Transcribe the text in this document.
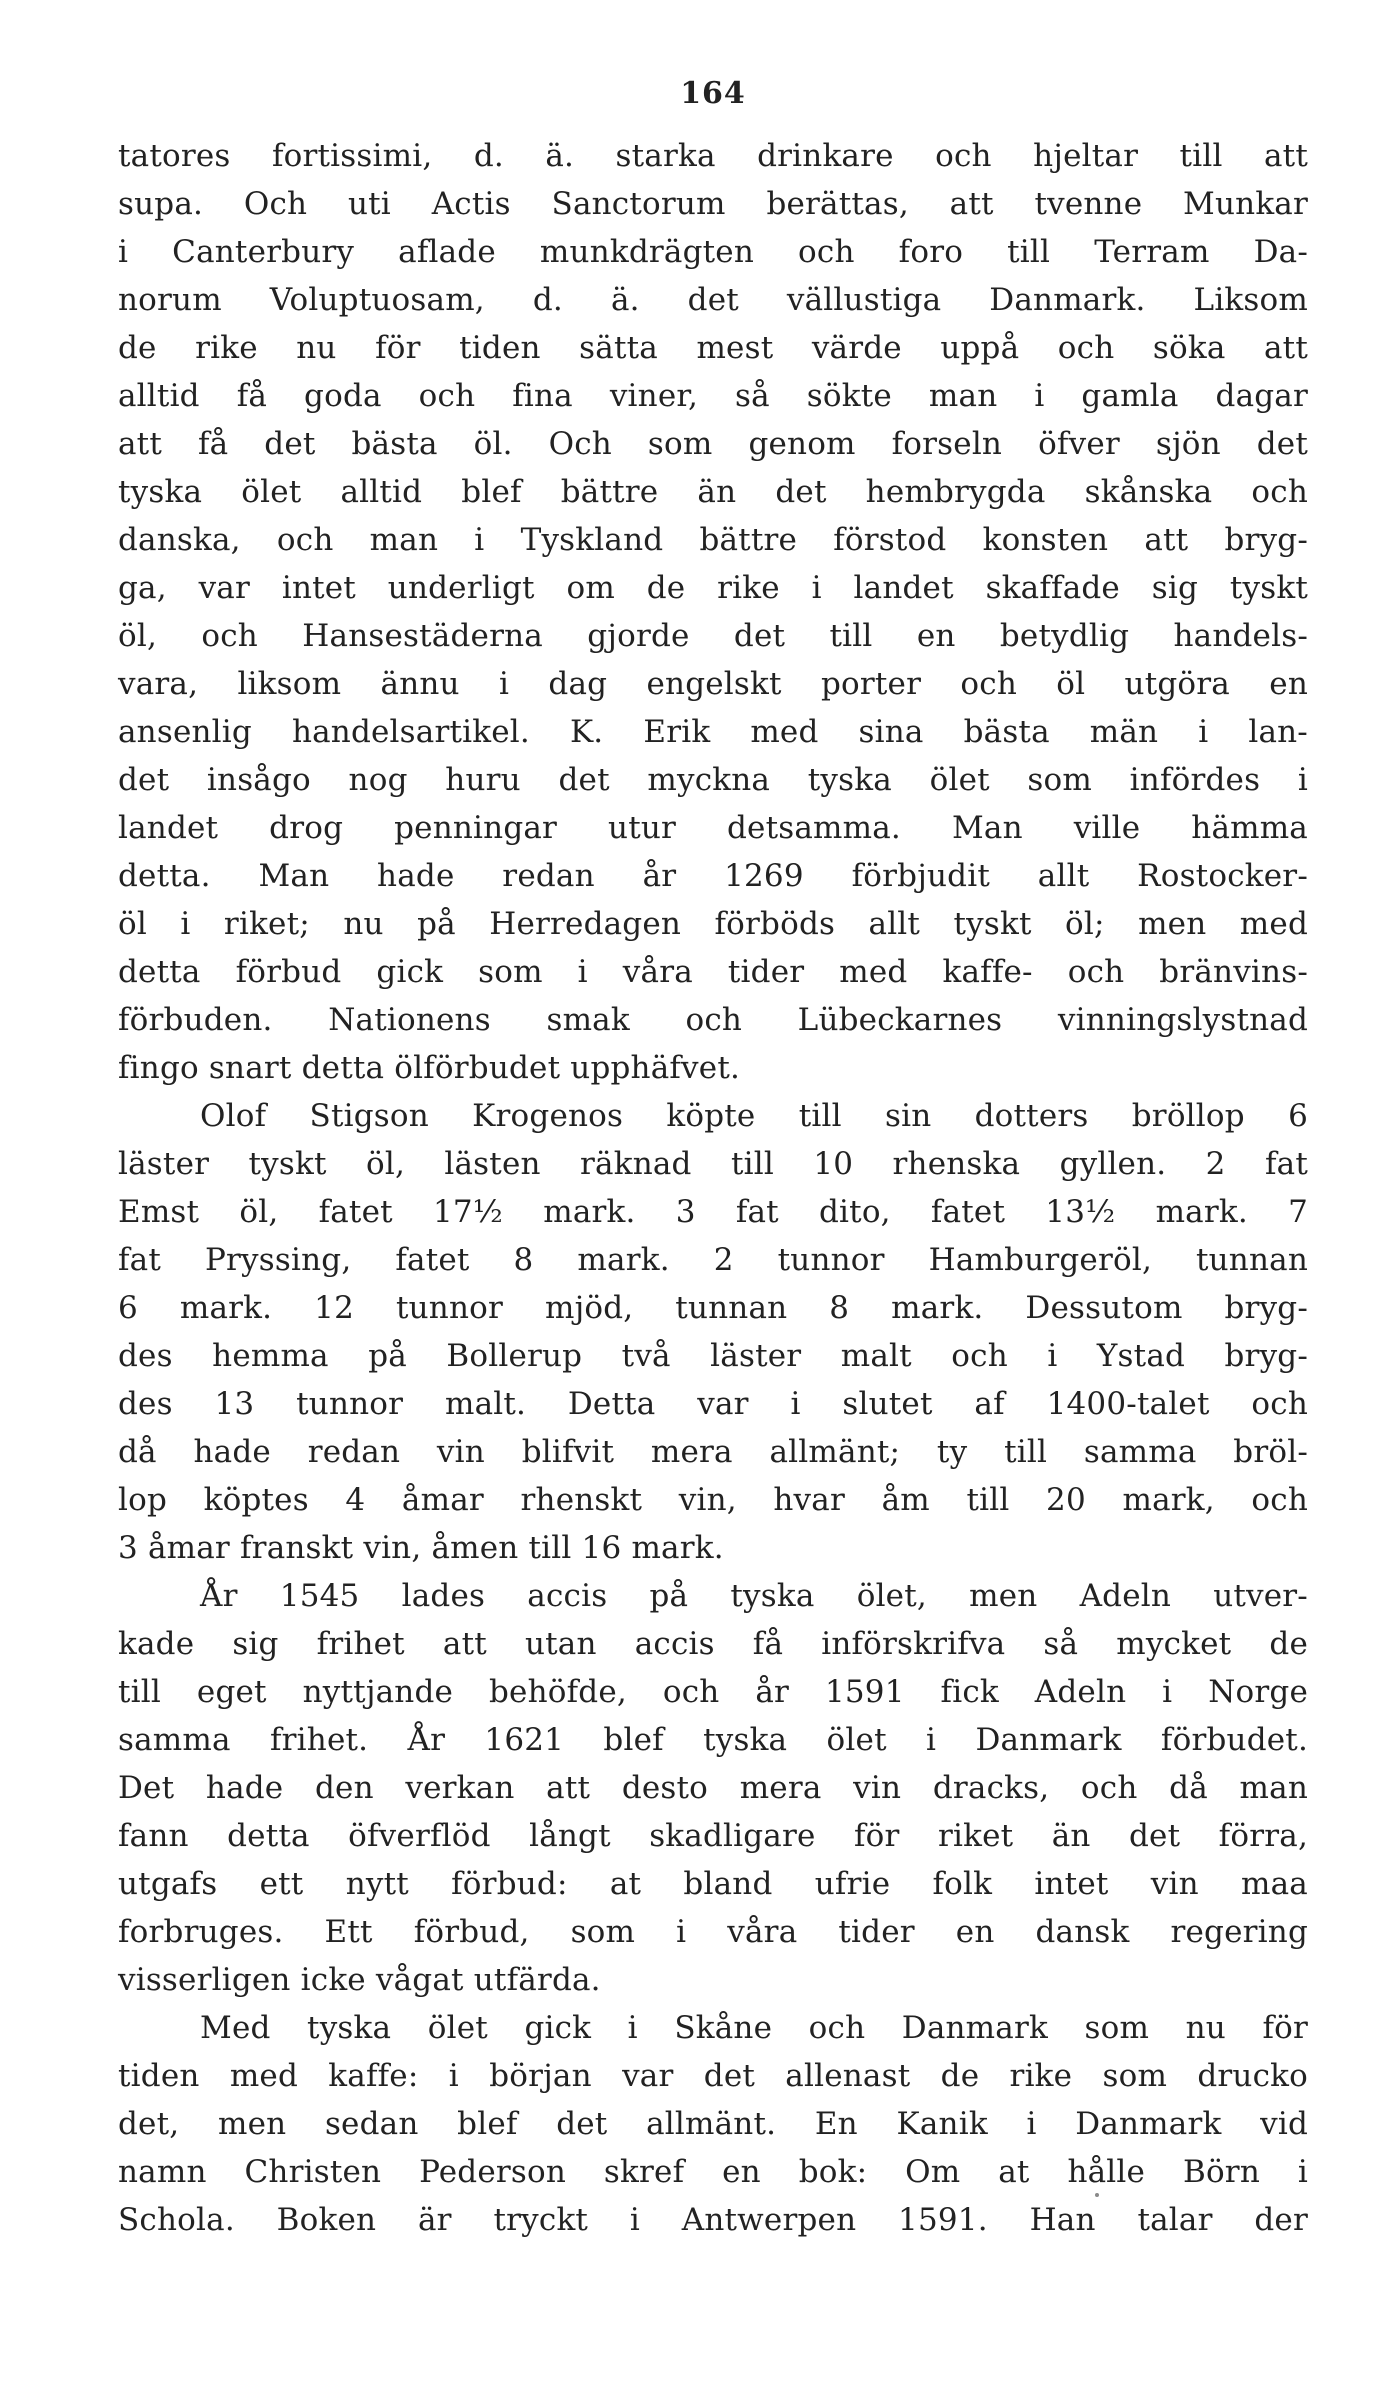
164
tatores fortissimi, d. ä. starka drinkare och hjeltar till att
supa. Och uti Actis Sanctorum berättas, att tvenne Munkar
i Canterbury aflade munkdrägten och foro till Terram Da-
norum Voluptuosam, d. ä. det vällustiga Danmark. Liksom
de rike nu för tiden sätta mest värde uppå och söka att
alltid få goda och fina viner, så sökte man i gamla dagar
att få det bästa öl. Och som genom forseln öfver sjön det
tyska ölet alltid blef bättre än det hembrygda skånska och
danska, och man i Tyskland bättre förstod konsten att bryg-
ga, var intet underligt om de rike i landet skaffade sig tyskt
öl, och Hansestäderna gjorde det till en betydlig handels-
vara, liksom ännu i dag engelskt porter och öl utgöra en
ansenlig handelsartikel. K. Erik med sina bästa män i lan-
det insågo nog huru det myckna tyska ölet som infördes i
landet drog penningar utur detsamma. Man ville hämma
detta. Man hade redan år 1269 förbjudit allt Rostocker-
öl i riket; nu på Herredagen förböds allt tyskt öl; men med
detta förbud gick som i våra tider med kaffe- och bränvins-
förbuden. Nationens smak och Lübeckarnes vinningslystnad
fingo snart detta ölförbudet upphäfvet.
Olof Stigson Krogenos köpte till sin dotters bröllop 6
läster tyskt öl, lästen räknad till 10 rhenska gyllen. 2 fat
Emst öl, fatet 17½ mark. 3 fat dito, fatet 13½ mark. 7
fat Pryssing, fatet 8 mark. 2 tunnor Hamburgeröl, tunnan
6 mark. 12 tunnor mjöd, tunnan 8 mark. Dessutom bryg-
des hemma på Bollerup två läster malt och i Ystad bryg-
des 13 tunnor malt. Detta var i slutet af 1400-talet och
då hade redan vin blifvit mera allmänt; ty till samma bröl-
lop köptes 4 åmar rhenskt vin, hvar åm till 20 mark, och
3 åmar franskt vin, åmen till 16 mark.
År 1545 lades accis på tyska ölet, men Adeln utver-
kade sig frihet att utan accis få införskrifva så mycket de
till eget nyttjande behöfde, och år 1591 fick Adeln i Norge
samma frihet. År 1621 blef tyska ölet i Danmark förbudet.
Det hade den verkan att desto mera vin dracks, och då man
fann detta öfverflöd långt skadligare för riket än det förra,
utgafs ett nytt förbud: at bland ufrie folk intet vin maa
forbruges. Ett förbud, som i våra tider en dansk regering
visserligen icke vågat utfärda.
Med tyska ölet gick i Skåne och Danmark som nu för
tiden med kaffe: i början var det allenast de rike som drucko
det, men sedan blef det allmänt. En Kanik i Danmark vid
namn Christen Pederson skref en bok: Om at hålle Börn i
Schola. Boken är tryckt i Antwerpen 1591. Han talar der
